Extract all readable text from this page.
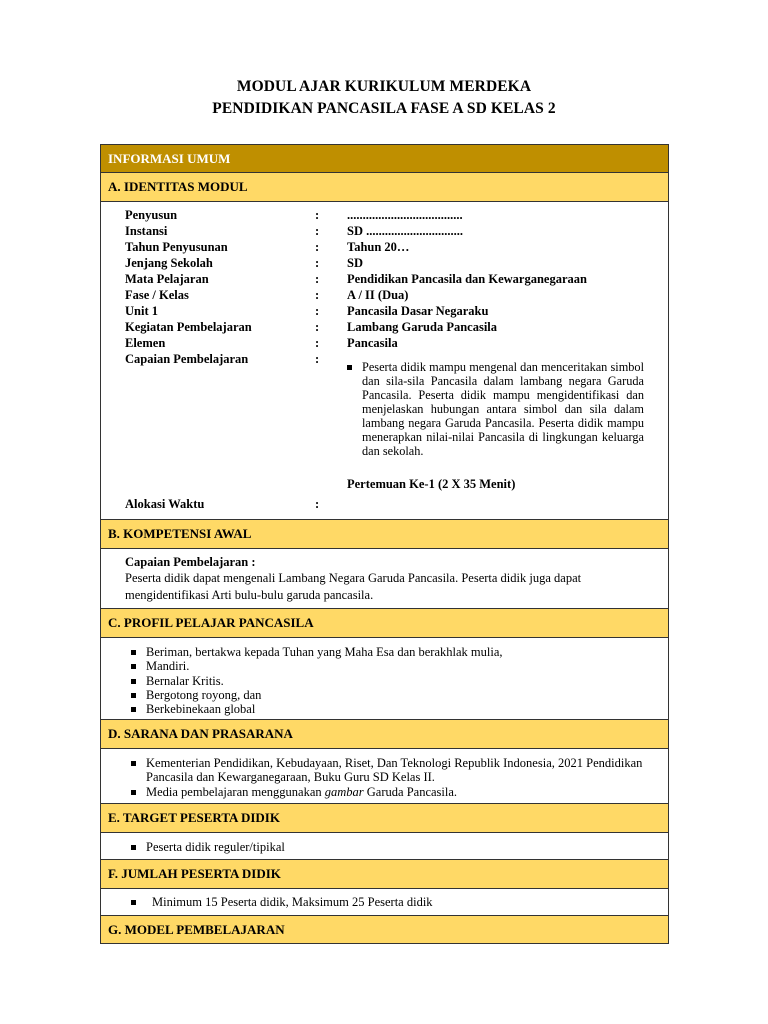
MODUL AJAR KURIKULUM MERDEKA
PENDIDIKAN PANCASILA FASE A SD KELAS 2
INFORMASI UMUM
A. IDENTITAS MODUL
Penyusun	: .....................................
Instansi	: SD ...............................
Tahun Penyusunan	: Tahun 20…
Jenjang Sekolah	: SD
Mata Pelajaran	: Pendidikan Pancasila dan Kewarganegaraan
Fase / Kelas	: A / II (Dua)
Unit 1	: Pancasila Dasar Negaraku
Kegiatan Pembelajaran	: Lambang Garuda Pancasila
Elemen	: Pancasila
Capaian Pembelajaran	:
Peserta didik mampu mengenal dan menceritakan simbol dan sila-sila Pancasila dalam lambang negara Garuda Pancasila. Peserta didik mampu mengidentifikasi dan menjelaskan hubungan antara simbol dan sila dalam lambang negara Garuda Pancasila. Peserta didik mampu menerapkan nilai-nilai Pancasila di lingkungan keluarga dan sekolah.
Pertemuan Ke-1 (2 X 35 Menit)
Alokasi Waktu	:
B. KOMPETENSI AWAL
Capaian Pembelajaran :
Peserta didik dapat mengenali Lambang Negara Garuda Pancasila. Peserta didik juga dapat mengidentifikasi Arti bulu-bulu garuda pancasila.
C. PROFIL PELAJAR PANCASILA
Beriman, bertakwa kepada Tuhan yang Maha Esa dan berakhlak mulia,
Mandiri.
Bernalar Kritis.
Bergotong royong, dan
Berkebinekaan global
D. SARANA DAN PRASARANA
Kementerian Pendidikan, Kebudayaan, Riset, Dan Teknologi Republik Indonesia, 2021 Pendidikan Pancasila dan Kewarganegaraan, Buku Guru SD Kelas II.
Media pembelajaran menggunakan gambar Garuda Pancasila.
E. TARGET PESERTA DIDIK
Peserta didik reguler/tipikal
F. JUMLAH PESERTA DIDIK
Minimum 15 Peserta didik, Maksimum 25 Peserta didik
G. MODEL PEMBELAJARAN
